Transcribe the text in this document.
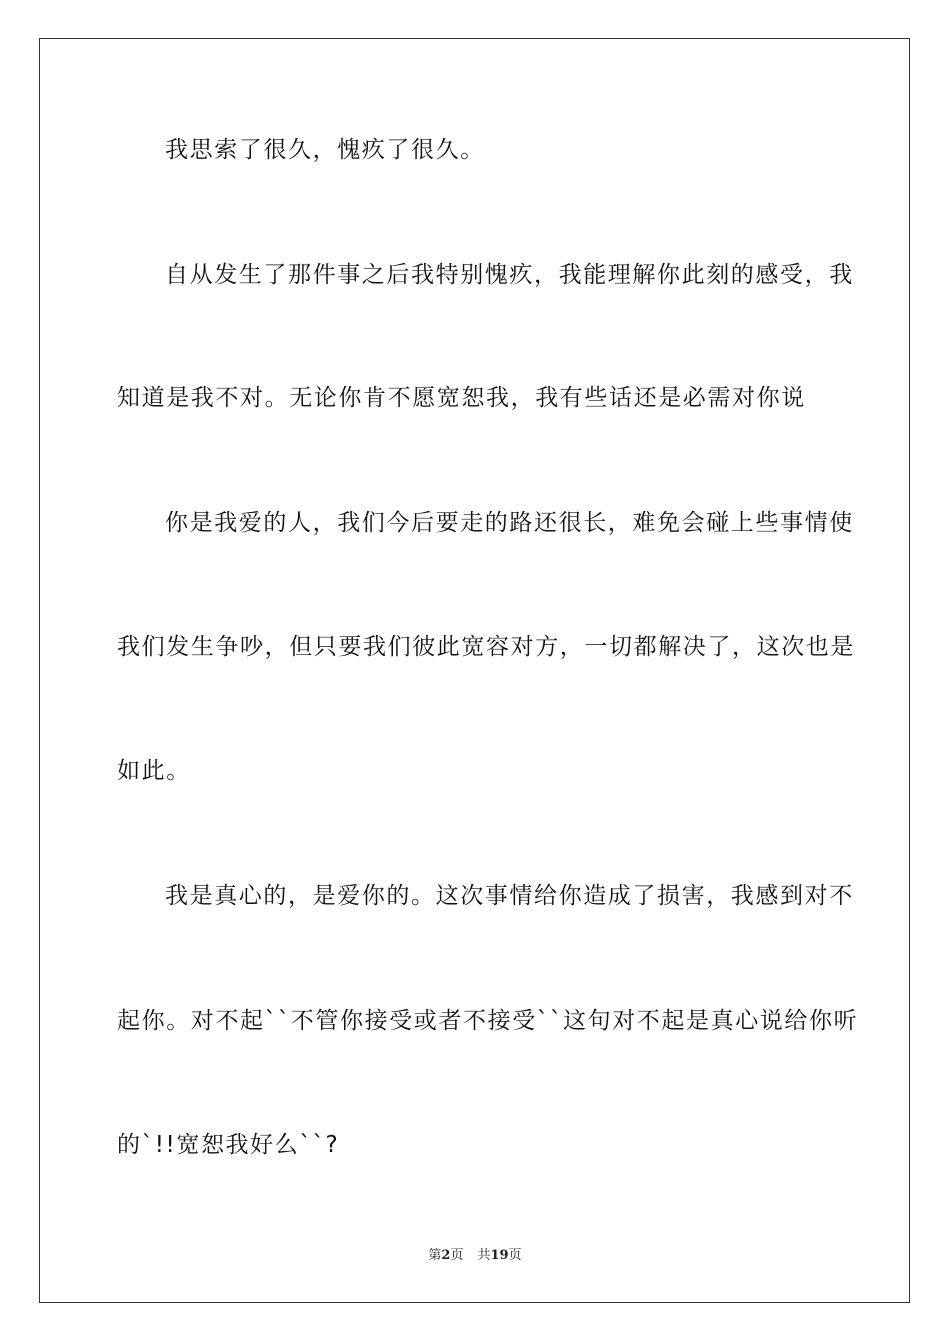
我思索了很久，愧疚了很久。
自从发生了那件事之后我特别愧疚，我能理解你此刻的感受，我
知道是我不对。无论你肯不愿宽恕我，我有些话还是必需对你说
你是我爱的人，我们今后要走的路还很长，难免会碰上些事情使
我们发生争吵，但只要我们彼此宽容对方，一切都解决了，这次也是
如此。
我是真心的，是爱你的。这次事情给你造成了损害，我感到对不
起你。对不起``不管你接受或者不接受``这句对不起是真心说给你听
的`!!宽恕我好么``?
第2页 共19页
